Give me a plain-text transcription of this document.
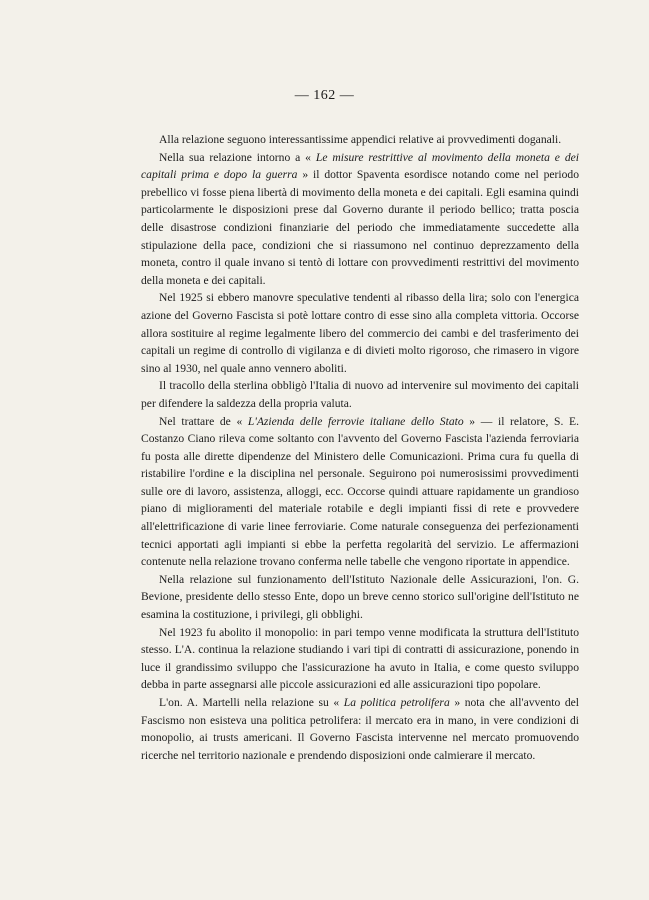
— 162 —

Alla relazione seguono interessantissime appendici relative ai provvedimenti doganali.

Nella sua relazione intorno a « Le misure restrittive al movimento della moneta e dei capitali prima e dopo la guerra » il dottor Spaventa esordisce notando come nel periodo prebellico vi fosse piena libertà di movimento della moneta e dei capitali. Egli esamina quindi particolarmente le disposizioni prese dal Governo durante il periodo bellico; tratta poscia delle disastrose condizioni finanziarie del periodo che immediatamente succedette alla stipulazione della pace, condizioni che si riassumono nel continuo deprezzamento della moneta, contro il quale invano si tentò di lottare con provvedimenti restrittivi del movimento della moneta e dei capitali.

Nel 1925 si ebbero manovre speculative tendenti al ribasso della lira; solo con l'energica azione del Governo Fascista si potè lottare contro di esse sino alla completa vittoria. Occorse allora sostituire al regime legalmente libero del commercio dei cambi e del trasferimento dei capitali un regime di controllo di vigilanza e di divieti molto rigoroso, che rimasero in vigore sino al 1930, nel quale anno vennero aboliti.

Il tracollo della sterlina obbligò l'Italia di nuovo ad intervenire sul movimento dei capitali per difendere la saldezza della propria valuta.

Nel trattare de « L'Azienda delle ferrovie italiane dello Stato » — il relatore, S. E. Costanzo Ciano rileva come soltanto con l'avvento del Governo Fascista l'azienda ferroviaria fu posta alle dirette dipendenze del Ministero delle Comunicazioni. Prima cura fu quella di ristabilire l'ordine e la disciplina nel personale. Seguirono poi numerosissimi provvedimenti sulle ore di lavoro, assistenza, alloggi, ecc. Occorse quindi attuare rapidamente un grandioso piano di miglioramenti del materiale rotabile e degli impianti fissi di rete e provvedere all'elettrificazione di varie linee ferroviarie. Come naturale conseguenza dei perfezionamenti tecnici apportati agli impianti si ebbe la perfetta regolarità del servizio. Le affermazioni contenute nella relazione trovano conferma nelle tabelle che vengono riportate in appendice.

Nella relazione sul funzionamento dell'Istituto Nazionale delle Assicurazioni, l'on. G. Bevione, presidente dello stesso Ente, dopo un breve cenno storico sull'origine dell'Istituto ne esamina la costituzione, i privilegi, gli obblighi.

Nel 1923 fu abolito il monopolio: in pari tempo venne modificata la struttura dell'Istituto stesso. L'A. continua la relazione studiando i vari tipi di contratti di assicurazione, ponendo in luce il grandissimo sviluppo che l'assicurazione ha avuto in Italia, e come questo sviluppo debba in parte assegnarsi alle piccole assicurazioni ed alle assicurazioni tipo popolare.

L'on. A. Martelli nella relazione su « La politica petrolifera » nota che all'avvento del Fascismo non esisteva una politica petrolifera: il mercato era in mano, in vere condizioni di monopolio, ai trusts americani. Il Governo Fascista intervenne nel mercato promuovendo ricerche nel territorio nazionale e prendendo disposizioni onde calmierare il mercato.
